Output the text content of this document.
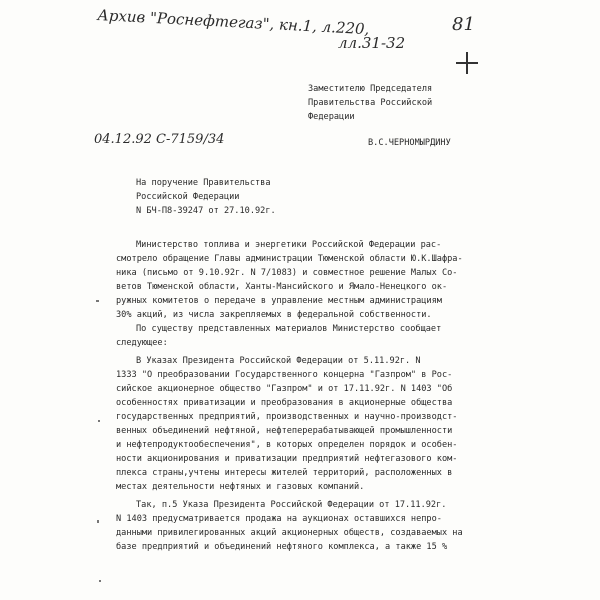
Архив "Роснефтегаз", кн.1, л.220,
лл.31-32
81
Заместителю Председателя
Правительства Российской
Федерации
04.12.92 С-7159/34	В.С.ЧЕРНОМЫРДИНУ
На поручение Правительства
Российской Федерации
N БЧ-П8-39247 от 27.10.92г.
Министерство топлива и энергетики Российской Федерации рас-
смотрело обращение Главы администрации Тюменской области Ю.К.Шафра-
ника (письмо от 9.10.92г. N 7/1083) и совместное решение Малых Со-
ветов Тюменской области, Ханты-Мансийского и Ямало-Ненецкого ок-
ружных комитетов о передаче в управление местным администрациям
30% акций, из числа закрепляемых в федеральной собственности.
По существу представленных материалов Министерство сообщает
следующее:
В Указах Президента Российской Федерации от 5.11.92г. N
1333 "О преобразовании Государственного концерна "Газпром" в Рос-
сийское акционерное общество "Газпром" и от 17.11.92г. N 1403 "Об
особенностях приватизации и преобразования в акционерные общества
государственных предприятий, производственных и научно-производст-
венных объединений нефтяной, нефтеперерабатывающей промышленности
и нефтепродуктообеспечения", в которых определен порядок и особен-
ности акционирования и приватизации предприятий нефтегазового ком-
плекса страны,учтены интересы жителей территорий, расположенных в
местах деятельности нефтяных и газовых компаний.
Так, п.5 Указа Президента Российской Федерации от 17.11.92г.
N 1403 предусматривается продажа на аукционах оставшихся непро-
данными привилегированных акций акционерных обществ, создаваемых на
базе предприятий и объединений нефтяного комплекса, а также 15 %
